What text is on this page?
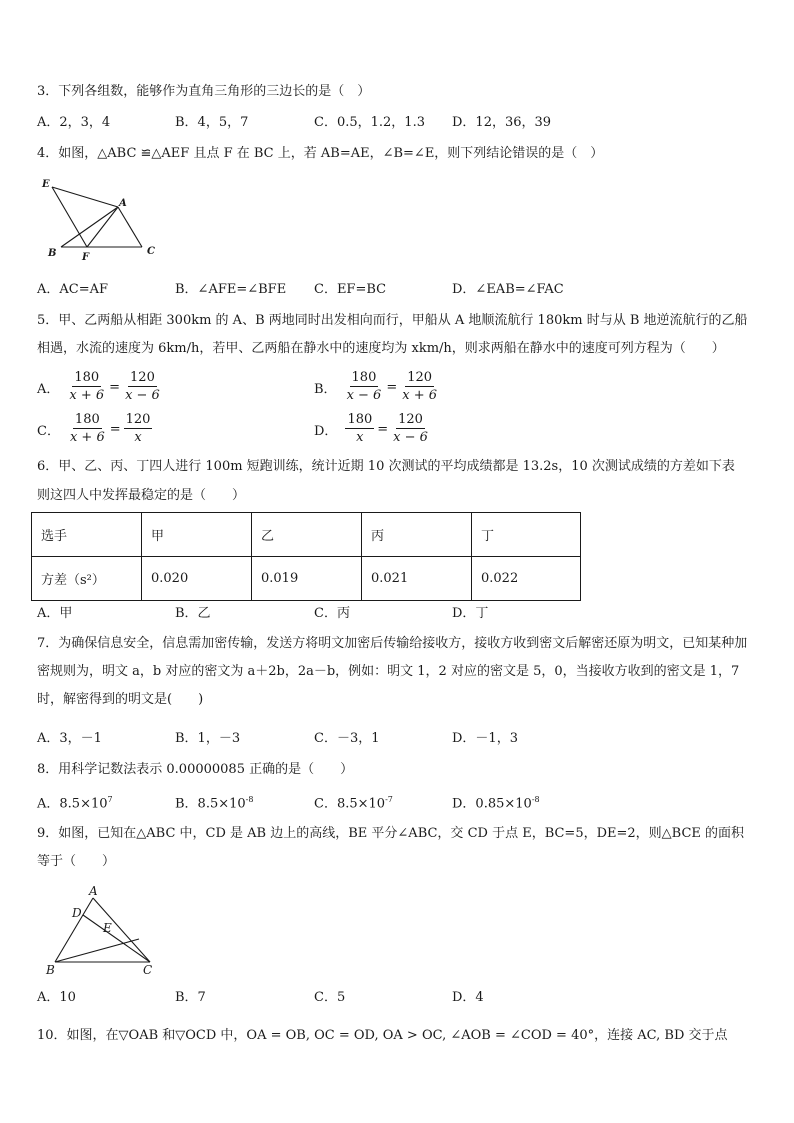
3．下列各组数，能够作为直角三角形的三边长的是（　）
A．2，3，4	B．4，5，7	C．0.5，1.2，1.3 D．12，36，39
4．如图，△ABC ≌△AEF 且点 F 在 BC 上，若 AB=AE，∠B=∠E，则下列结论错误的是（　）
E
A
B	F
C
A．AC=AF	B．∠AFE=∠BFE C．EF=BC	D．∠EAB=∠FAC
5．甲、乙两船从相距 300km 的 A、B 两地同时出发相向而行，甲船从 A 地顺流航行 180km 时与从 B 地逆流航行的乙船相遇，水流的速度为 6km/h，若甲、乙两船在静水中的速度均为 xkm/h，则求两船在静水中的速度可列方程为（　　）
A． $\frac{180}{x + 6} = \frac{120}{x - 6}$	B． $\frac{180}{x - 6} = \frac{120}{x + 6}$
C． $\frac{180}{x + 6} = \frac{120}{x}$	D． $\frac{180}{x} = \frac{120}{x - 6}$
6．甲、乙、丙、丁四人进行 100m 短跑训练，统计近期 10 次测试的平均成绩都是 13.2s，10 次测试成绩的方差如下表
则这四人中发挥最稳定的是（　　）
选手	甲	乙	丙	丁
方差（s²）	0.020	0.019	0.021	0.022
A．甲	B．乙	C．丙	D．丁
7．为确保信息安全，信息需加密传输，发送方将明文加密后传输给接收方，接收方收到密文后解密还原为明文，已知某种加密规则为，明文 a，b 对应的密文为 a＋2b，2a－b，例如：明文 1，2 对应的密文是 5，0，当接收方收到的密文是 1，7 时，解密得到的明文是(　　)
A．3，－1	B．1，－3	C．－3，1	D．－1，3
8．用科学记数法表示 0.00000085 正确的是（　　）
A．$8.5\times 10^7$	B．$8.5\times 10^{-8}$	C．$8.5\times 10^{-7}$	D．$0.85\times 10^{-8}$
9．如图，已知在△ABC 中，CD 是 AB 边上的高线，BE 平分∠ABC，交 CD 于点 E，BC=5，DE=2，则△BCE 的面积等于（　　）
A
D
E
B	C
A．10	B．7	C．5	D．4
10．如图，在▽OAB 和▽OCD 中，OA = OB, OC = OD, OA > OC, ∠AOB = ∠COD = 40°，连接 AC, BD 交于点
